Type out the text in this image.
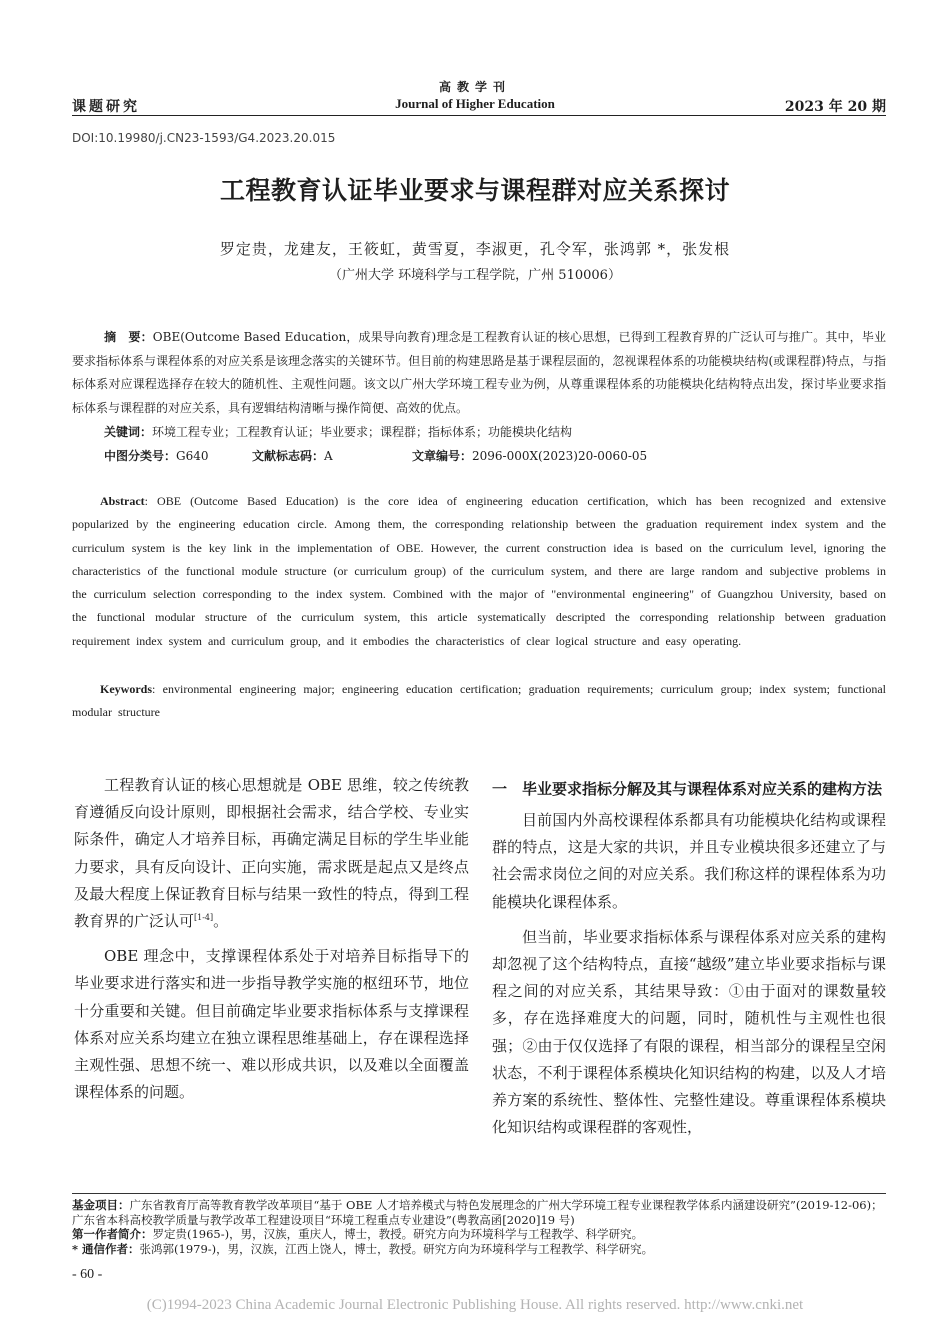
高教学刊
课题研究	Journal of Higher Education	2023 年 20 期
DOI:10.19980/j.CN23-1593/G4.2023.20.015
工程教育认证毕业要求与课程群对应关系探讨
罗定贵，龙建友，王筱虹，黄雪夏，李淑更，孔令军，张鸿郭 *，张发根
（广州大学 环境科学与工程学院，广州 510006）
摘　要：OBE(Outcome Based Education，成果导向教育)理念是工程教育认证的核心思想，已得到工程教育界的广泛认可与推广。其中，毕业要求指标体系与课程体系的对应关系是该理念落实的关键环节。但目前的构建思路是基于课程层面的，忽视课程体系的功能模块结构(或课程群)特点，与指标体系对应课程选择存在较大的随机性、主观性问题。该文以广州大学环境工程专业为例，从尊重课程体系的功能模块化结构特点出发，探讨毕业要求指标体系与课程群的对应关系，具有逻辑结构清晰与操作简便、高效的优点。
关键词：环境工程专业；工程教育认证；毕业要求；课程群；指标体系；功能模块化结构
中图分类号：G640	文献标志码：A	文章编号：2096-000X(2023)20-0060-05
Abstract: OBE (Outcome Based Education) is the core idea of engineering education certification, which has been recognized and extensive popularized by the engineering education circle. Among them, the corresponding relationship between the graduation requirement index system and the curriculum system is the key link in the implementation of OBE. However, the current construction idea is based on the curriculum level, ignoring the characteristics of the functional module structure (or curriculum group) of the curriculum system, and there are large random and subjective problems in the curriculum selection corresponding to the index system. Combined with the major of "environmental engineering" of Guangzhou University, based on the functional modular structure of the curriculum system, this article systematically descripted the corresponding relationship between graduation requirement index system and curriculum group, and it embodies the characteristics of clear logical structure and easy operating.
Keywords: environmental engineering major; engineering education certification; graduation requirements; curriculum group; index system; functional modular structure

工程教育认证的核心思想就是 OBE 思维，较之传统教育遵循反向设计原则，即根据社会需求，结合学校、专业实际条件，确定人才培养目标，再确定满足目标的学生毕业能力要求，具有反向设计、正向实施，需求既是起点又是终点及最大程度上保证教育目标与结果一致性的特点，得到工程教育界的广泛认可[1-4]。

OBE 理念中，支撑课程体系处于对培养目标指导下的毕业要求进行落实和进一步指导教学实施的枢纽环节，地位十分重要和关键。但目前确定毕业要求指标体系与支撑课程体系对应关系均建立在独立课程思维基础上，存在课程选择主观性强、思想不统一、难以形成共识，以及难以全面覆盖课程体系的问题。

一　毕业要求指标分解及其与课程体系对应关系的建构方法

目前国内外高校课程体系都具有功能模块化结构或课程群的特点，这是大家的共识，并且专业模块很多还建立了与社会需求岗位之间的对应关系。我们称这样的课程体系为功能模块化课程体系。

但当前，毕业要求指标体系与课程体系对应关系的建构却忽视了这个结构特点，直接“越级”建立毕业要求指标与课程之间的对应关系，其结果导致：①由于面对的课数量较多，存在选择难度大的问题，同时，随机性与主观性也很强；②由于仅仅选择了有限的课程，相当部分的课程呈空闲状态，不利于课程体系模块化知识结构的构建，以及人才培养方案的系统性、整体性、完整性建设。尊重课程体系模块化知识结构或课程群的客观性，

基金项目：广东省教育厅高等教育教学改革项目“基于 OBE 人才培养模式与特色发展理念的广州大学环境工程专业课程教学体系内涵建设研究”(2019-12-06)；广东省本科高校教学质量与教学改革工程建设项目“环境工程重点专业建设”(粤教高函[2020]19 号)
第一作者简介：罗定贵(1965-)，男，汉族，重庆人，博士，教授。研究方向为环境科学与工程教学、科学研究。
* 通信作者：张鸿郭(1979-)，男，汉族，江西上饶人，博士，教授。研究方向为环境科学与工程教学、科学研究。
- 60 -
(C)1994-2023 China Academic Journal Electronic Publishing House. All rights reserved. http://www.cnki.net
